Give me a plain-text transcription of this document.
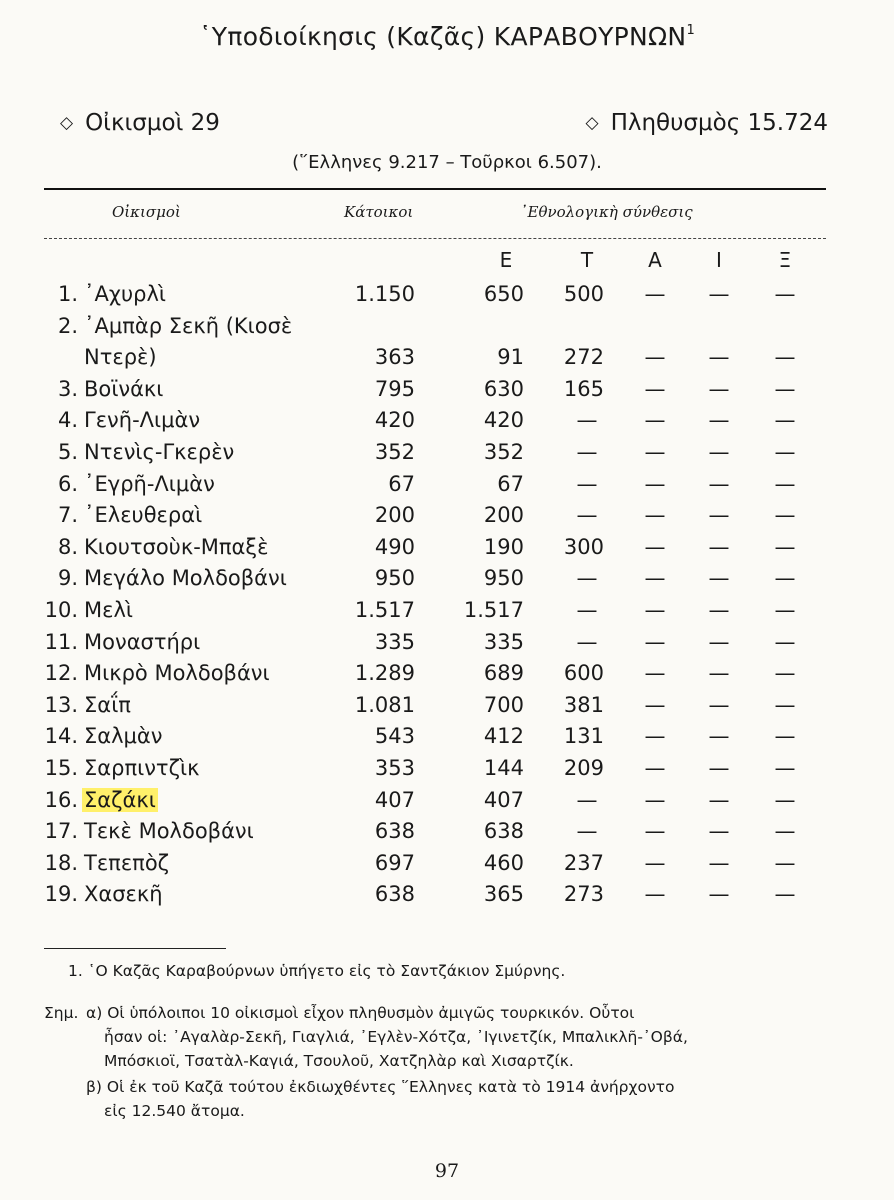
῾Υποδιοίκησις (Καζᾶς) ΚΑΡΑΒΟΥΡΝΩΝ$^1$
◇ Οἰκισμοὶ 29	◇ Πληθυσμὸς 15.724
(῞Ελληνες 9.217 – Τοῦρκοι 6.507).
Οἰκισμοὶ	Κάτοικοι	᾿Εθνολογικὴ σύνθεσις
Ε	Τ	Α	Ι	Ξ
1. ᾿Αχυρλὶ	1.150	650 500 — — —
2. ᾿Αμπὰρ Σεκῆ (Κιοσὲ
Ντερὲ)	363	91 272 — — —
3. Βοϊνάκι	795	630 165 — — —
4. Γενῆ-Λιμὰν	420	420	— — — —
5. Ντενὶς-Γκερὲν	352	352	— — — —
6. ᾿Εγρῆ-Λιμὰν	67	67	— — — —
7. ᾿Ελευθεραὶ	200	200	— — — —
8. Κιουτσοὺκ-Μπαξὲ	490	190 300 — — —
9. Μεγάλο Μολδοβάνι	950	950	— — — —
10. Μελὶ	1.517 1.517	— — — —
11. Μοναστήρι	335	335	— — — —
12. Μικρὸ Μολδοβάνι	1.289	689 600 — — —
13. Σαΐπ	1.081	700 381 — — —
14. Σαλμὰν	543	412 131 — — —
15. Σαρπιντζὶκ	353	144 209 — — —
16. Σαζάκι	407	407	— — — —
17. Τεκὲ Μολδοβάνι	638	638	— — — —
18. Τεπεπὸζ	697	460 237 — — —
19. Χασεκῆ	638	365 273 — — —
1. ῾Ο Καζᾶς Καραβούρνων ὑπήγετο εἰς τὸ Σαντζάκιον Σμύρνης.
Σημ. α) Οἱ ὑπόλοιποι 10 οἰκισμοὶ εἶχον πληθυσμὸν ἀμιγῶς τουρκικόν. Οὗτοι
ἦσαν οἱ: ᾿Αγαλὰρ-Σεκῆ, Γιαγλιά, ᾿Εγλὲν-Χότζα, ᾿Ιγινετζίκ, Μπαλικλῆ-᾿Οβά,
Μπόσκιοϊ, Τσατὰλ-Καγιά, Τσουλοῦ, Χατζηλὰρ καὶ Χισαρτζίκ.
β) Οἱ ἐκ τοῦ Καζᾶ τούτου ἐκδιωχθέντες ῞Ελληνες κατὰ τὸ 1914 ἀνήρχοντο
εἰς 12.540 ἄτομα.
97
